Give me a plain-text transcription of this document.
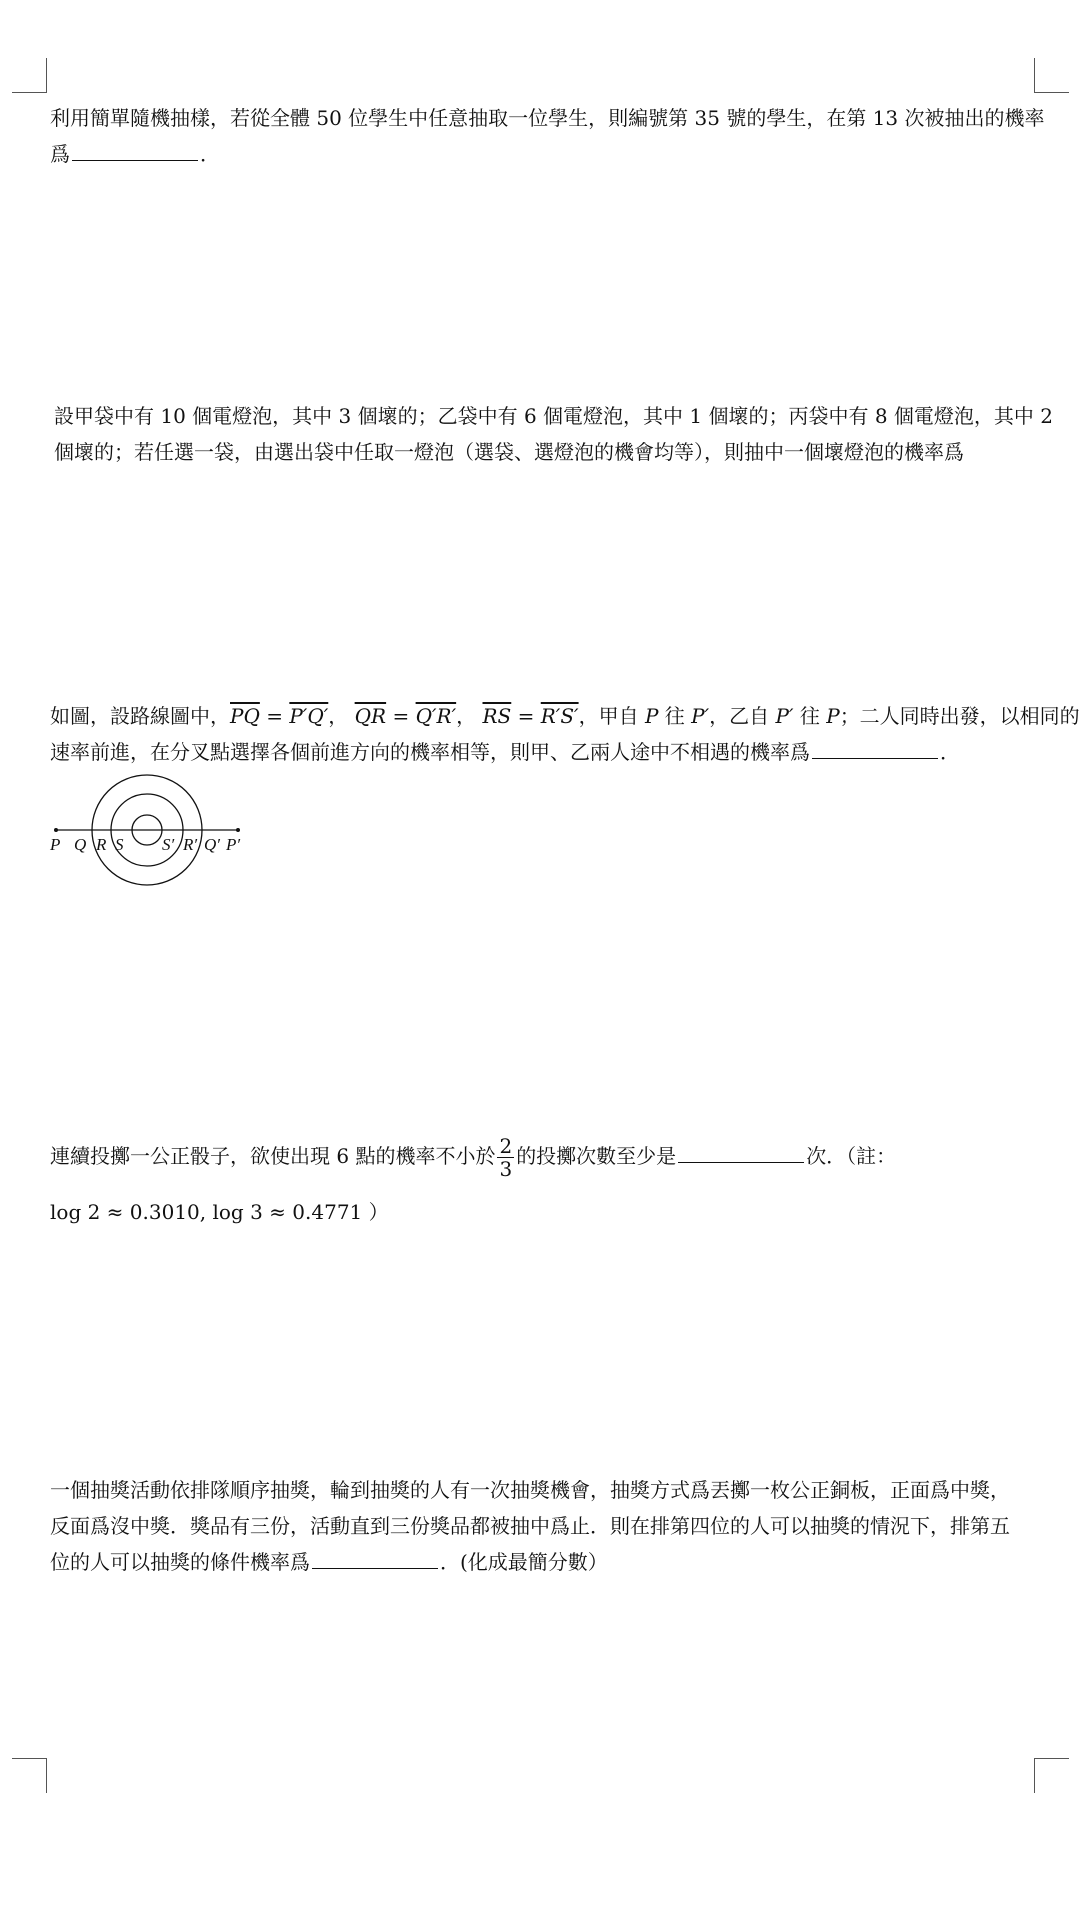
利用簡單隨機抽樣，若從全體 50 位學生中任意抽取一位學生，則編號第 35 號的學生，在第 13 次被抽出的機率
爲	．
設甲袋中有 10 個電燈泡，其中 3 個壞的；乙袋中有 6 個電燈泡，其中 1 個壞的；丙袋中有 8 個電燈泡，其中 2
個壞的；若任選一袋，由選出袋中任取一燈泡（選袋、選燈泡的機會均等），則抽中一個壞燈泡的機率爲
如圖，設路線圖中，$\overline{PQ} = P'Q'$， $\overline{QR} = Q'R'$， $\overline{RS} = R'S'$，甲自 P 往 P′，乙自 P′ 往 P；二人同時出發，以相同的
速率前進，在分叉點選擇各個前進方向的機率相等，則甲、乙兩人途中不相遇的機率爲	．
P Q R S S′ R′ Q′ P′
連續投擲一公正骰子，欲使出現 6 點的機率不小於 $\frac{2}{3}$ 的投擲次數至少是	次．（註：
log 2 ≈ 0.3010, log 3 ≈ 0.4771 ）
一個抽獎活動依排隊順序抽獎，輪到抽獎的人有一次抽獎機會，抽獎方式爲丟擲一枚公正銅板，正面爲中獎，
反面爲沒中獎．獎品有三份，活動直到三份獎品都被抽中爲止．則在排第四位的人可以抽獎的情況下，排第五
位的人可以抽獎的條件機率爲	．(化成最簡分數）
